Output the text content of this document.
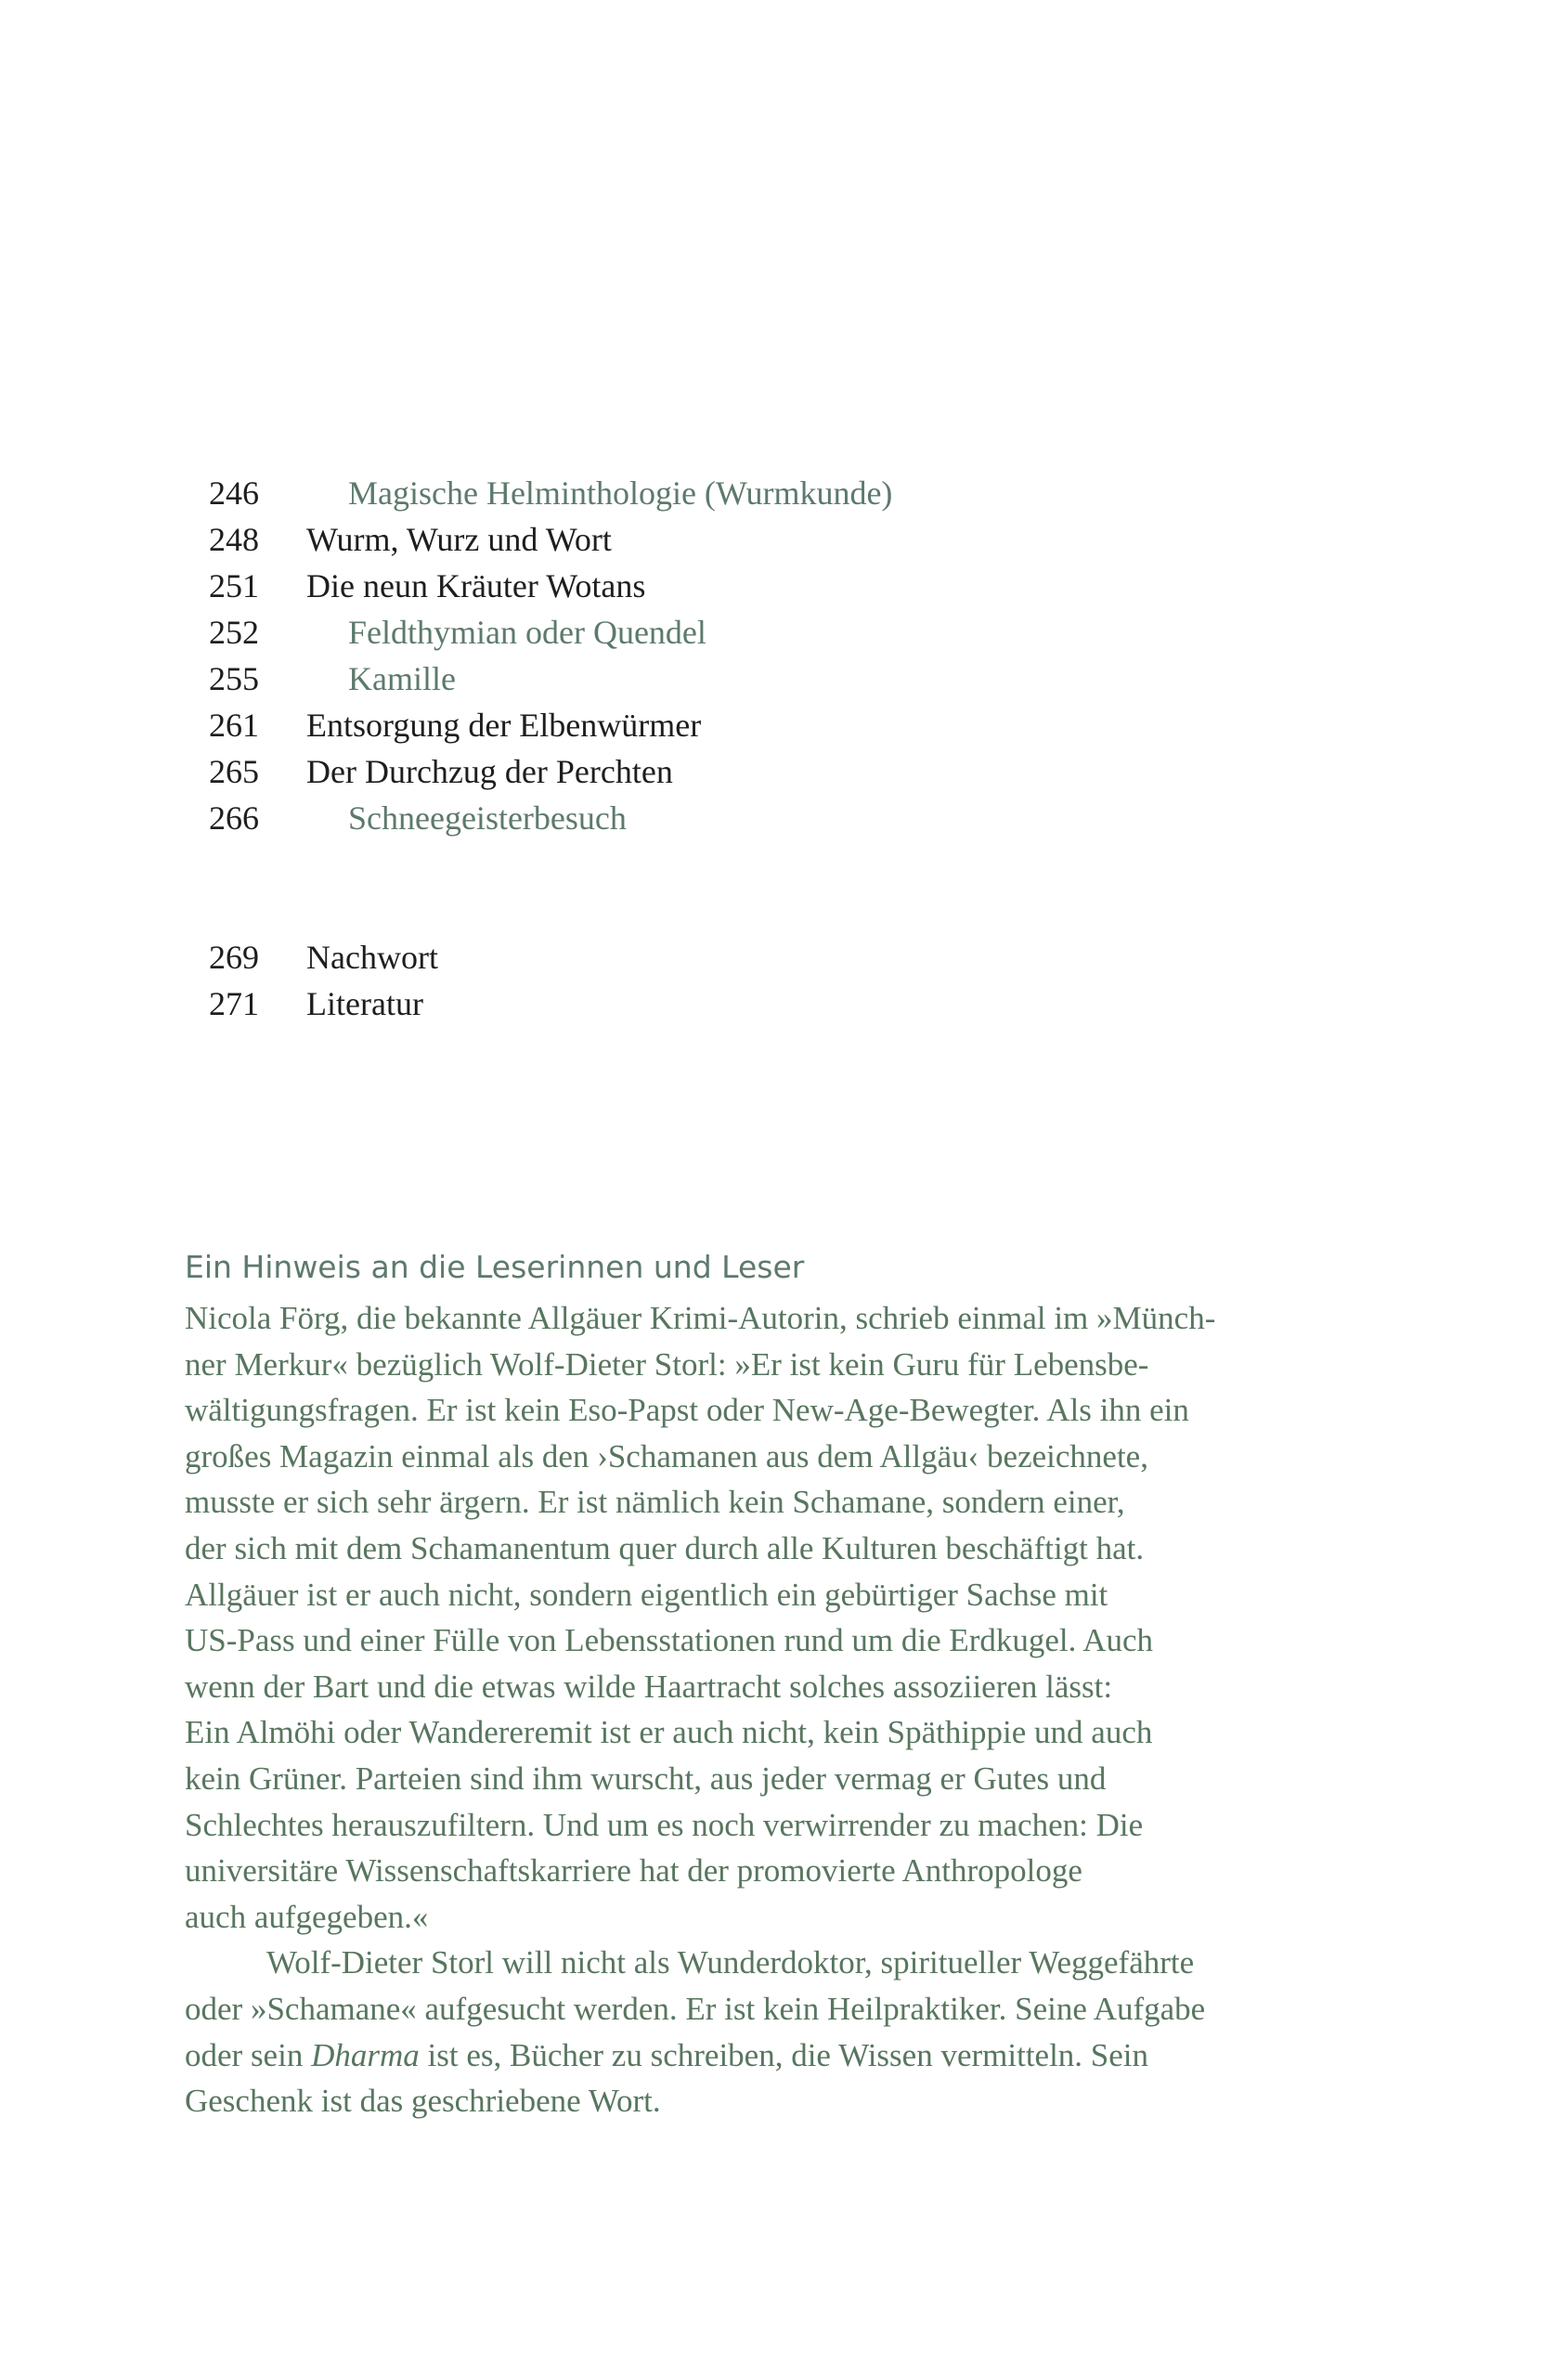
246	Magische Helminthologie (Wurmkunde)
248	Wurm, Wurz und Wort
251	Die neun Kräuter Wotans
252	Feldthymian oder Quendel
255	Kamille
261	Entsorgung der Elbenwürmer
265	Der Durchzug der Perchten
266	Schneegeisterbesuch
269	Nachwort
271	Literatur
Ein Hinweis an die Leserinnen und Leser
Nicola Förg, die bekannte Allgäuer Krimi-Autorin, schrieb einmal im »Münch-
ner Merkur« bezüglich Wolf-Dieter Storl: »Er ist kein Guru für Lebensbe-
wältigungsfragen. Er ist kein Eso-Papst oder New-Age-Bewegter. Als ihn ein
großes Magazin einmal als den ›Schamanen aus dem Allgäu‹ bezeichnete,
musste er sich sehr ärgern. Er ist nämlich kein Schamane, sondern einer,
der sich mit dem Schamanentum quer durch alle Kulturen beschäftigt hat.
Allgäuer ist er auch nicht, sondern eigentlich ein gebürtiger Sachse mit
US-Pass und einer Fülle von Lebensstationen rund um die Erdkugel. Auch
wenn der Bart und die etwas wilde Haartracht solches assoziieren lässt:
Ein Almöhi oder Wandereremit ist er auch nicht, kein Späthippie und auch
kein Grüner. Parteien sind ihm wurscht, aus jeder vermag er Gutes und
Schlechtes herauszufiltern. Und um es noch verwirrender zu machen: Die
universitäre Wissenschaftskarriere hat der promovierte Anthropologe
auch aufgegeben.«
Wolf-Dieter Storl will nicht als Wunderdoktor, spiritueller Weggefährte
oder »Schamane« aufgesucht werden. Er ist kein Heilpraktiker. Seine Aufgabe
oder sein Dharma ist es, Bücher zu schreiben, die Wissen vermitteln. Sein
Geschenk ist das geschriebene Wort.
